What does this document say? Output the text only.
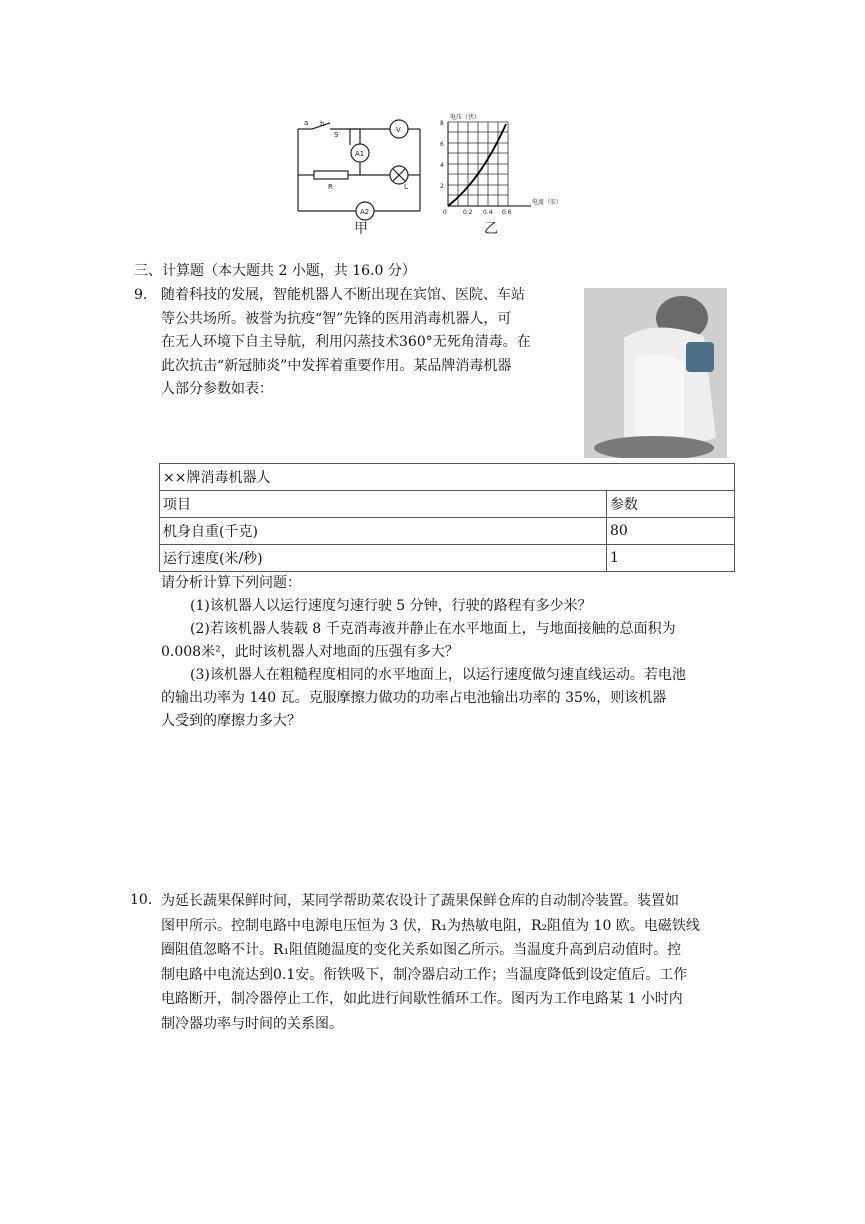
a b
S
V
A1
R	L
A2
甲
电压（伏）
8
6
4
2
0	0.2 0.4 0.6
电流（安）
乙
三、计算题（本大题共 2 小题，共 16.0 分）
9. 随着科技的发展，智能机器人不断出现在宾馆、医院、车站
等公共场所。被誉为抗疫“智”先锋的医用消毒机器人，可
在无人环境下自主导航，利用闪蒸技术360°无死角清毒。在
此次抗击“新冠肺炎”中发挥着重要作用。某品牌消毒机器
人部分参数如表：
××牌消毒机器人	
项目	参数
机身自重(千克)	80
运行速度(米/秒)	1
请分析计算下列问题：
(1)该机器人以运行速度匀速行驶 5 分钟，行驶的路程有多少米？
(2)若该机器人装载 8 千克消毒液并静止在水平地面上，与地面接触的总面积为
0.008米²，此时该机器人对地面的压强有多大？
(3)该机器人在粗糙程度相同的水平地面上，以运行速度做匀速直线运动。若电池
的输出功率为 140 瓦。克服摩擦力做功的功率占电池输出功率的 35%，则该机器
人受到的摩擦力多大？
10. 为延长蔬果保鲜时间，某同学帮助菜农设计了蔬果保鲜仓库的自动制冷装置。装置如
图甲所示。控制电路中电源电压恒为 3 伏，R₁为热敏电阻，R₂阻值为 10 欧。电磁铁线
圈阻值忽略不计。R₁阻值随温度的变化关系如图乙所示。当温度升高到启动值时。控
制电路中电流达到0.1安。衔铁吸下，制冷器启动工作；当温度降低到设定值后。工作
电路断开，制冷器停止工作，如此进行间歇性循环工作。图丙为工作电路某 1 小时内
制冷器功率与时间的关系图。
